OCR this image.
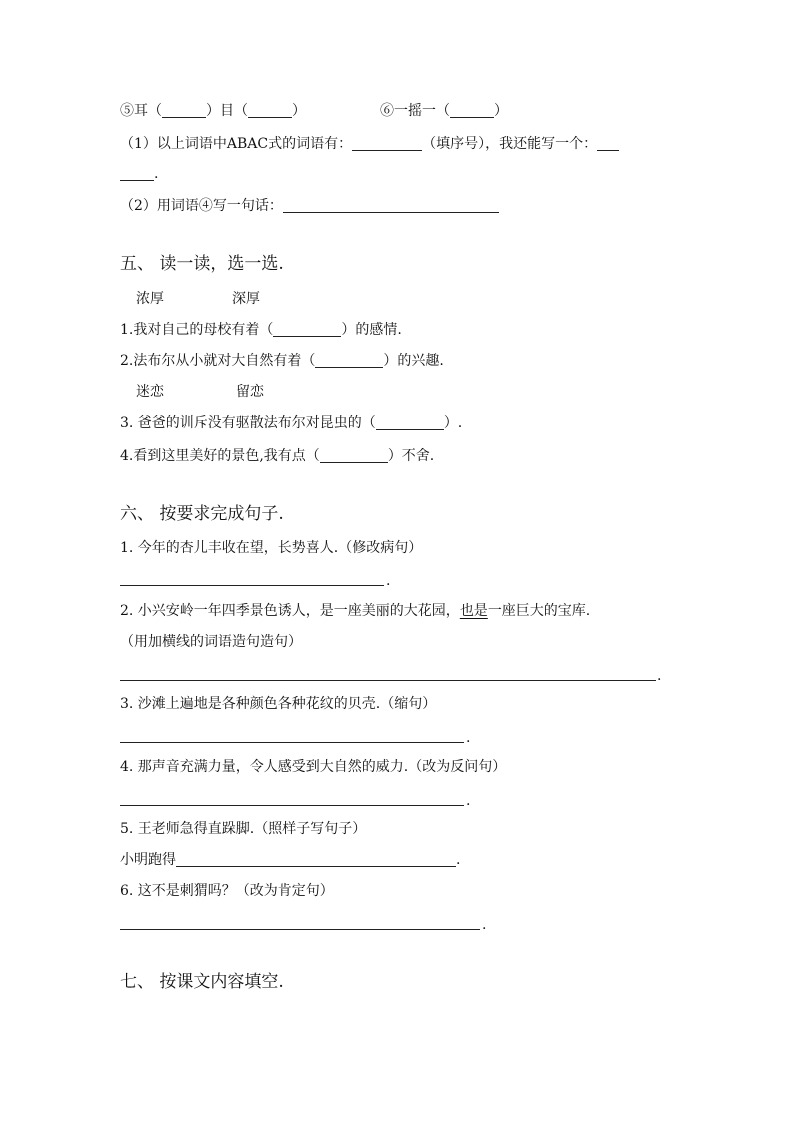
⑤耳（	）目（	）	⑥一摇一（	）
（1）以上词语中ABAC式的词语有：	（填序号），我还能写一个：
.
（2）用词语④写一句话：
五、 读一读，选一选.
浓厚	深厚
1.我对自己的母校有着（	）的感情.
2.法布尔从小就对大自然有着（	）的兴趣.
迷恋	留恋
3. 爸爸的训斥没有驱散法布尔对昆虫的（	）.
4.看到这里美好的景色,我有点（	）不舍.
六、 按要求完成句子.
1. 今年的杏儿丰收在望，长势喜人.（修改病句）
.
2. 小兴安岭一年四季景色诱人，是一座美丽的大花园，也是一座巨大的宝库.
（用加横线的词语造句造句）
.
3. 沙滩上遍地是各种颜色各种花纹的贝壳.（缩句）
.
4. 那声音充满力量，令人感受到大自然的威力.（改为反问句）
.
5. 王老师急得直跺脚.（照样子写句子）
小明跑得	.
6. 这不是刺猬吗？（改为肯定句）
.
七、 按课文内容填空.
